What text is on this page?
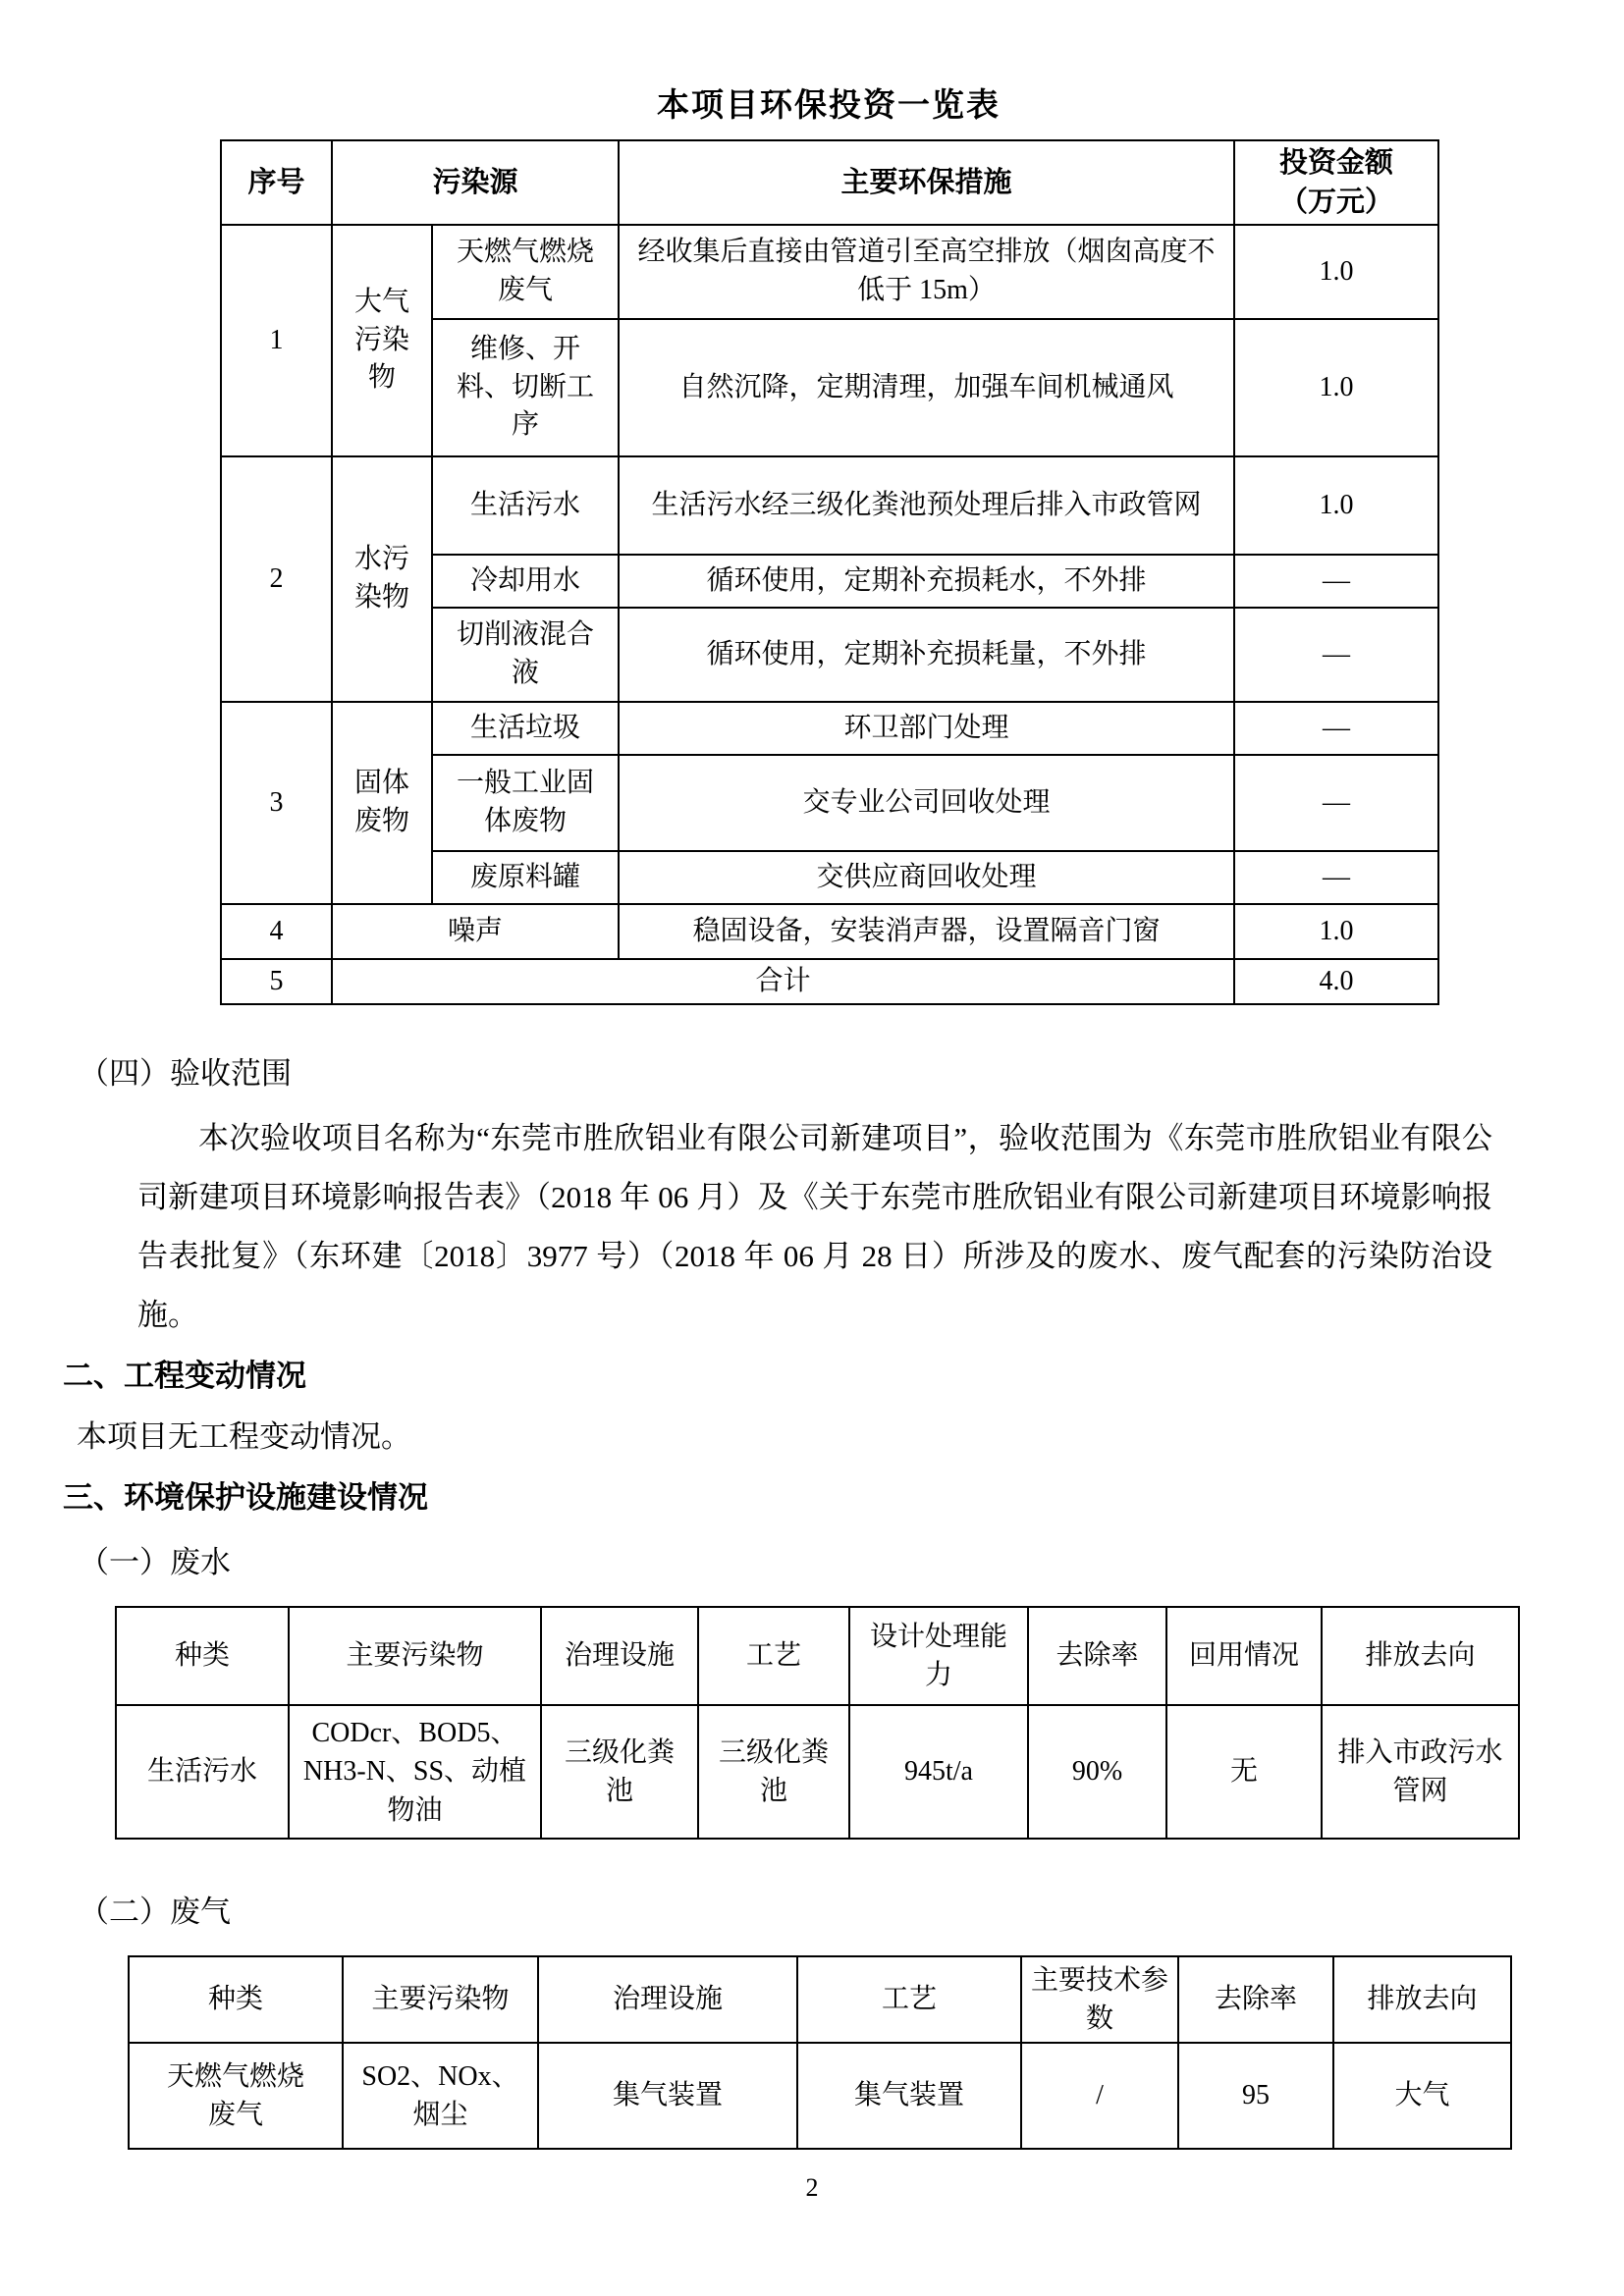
本项目环保投资一览表
序号	污染源		主要环保措施	投资金额
（万元）

1	大气污染物	天燃气燃烧废气	经收集后直接由管道引至高空排放（烟囱高度不低于 15m）	1.0
		维修、开料、切断工序	自然沉降，定期清理，加强车间机械通风	1.0
2	水污染物	生活污水	生活污水经三级化粪池预处理后排入市政管网	1.0
		冷却用水	循环使用，定期补充损耗水，不外排	—
		切削液混合液	循环使用，定期补充损耗量，不外排	—
3	固体废物	生活垃圾	环卫部门处理	—
		一般工业固体废物	交专业公司回收处理	—
		废原料罐	交供应商回收处理	—
4	噪声		稳固设备，安装消声器，设置隔音门窗	1.0
5	合计			4.0
（四）验收范围

本次验收项目名称为“东莞市胜欣铝业有限公司新建项目”，验收范围为《东莞市胜欣铝业有限公司新建项目环境影响报告表》（2018 年 06 月）及《关于东莞市胜欣铝业有限公司新建项目环境影响报告表批复》（东环建〔2018〕3977 号）（2018 年 06 月 28 日）所涉及的废水、废气配套的污染防治设施。

二、工程变动情况
本项目无工程变动情况。
三、环境保护设施建设情况
（一）废水
种类	主要污染物	治理设施	工艺	设计处理能力	去除率	回用情况	排放去向
生活污水	CODcr、BOD5、NH3-N、SS、动植物油	三级化粪池	三级化粪池	945t/a	90%	无	排入市政污水管网
（二）废气
种类	主要污染物	治理设施	工艺	主要技术参数	去除率	排放去向
天燃气燃烧废气	SO2、NOx、烟尘	集气装置	集气装置	/	95	大气
2
